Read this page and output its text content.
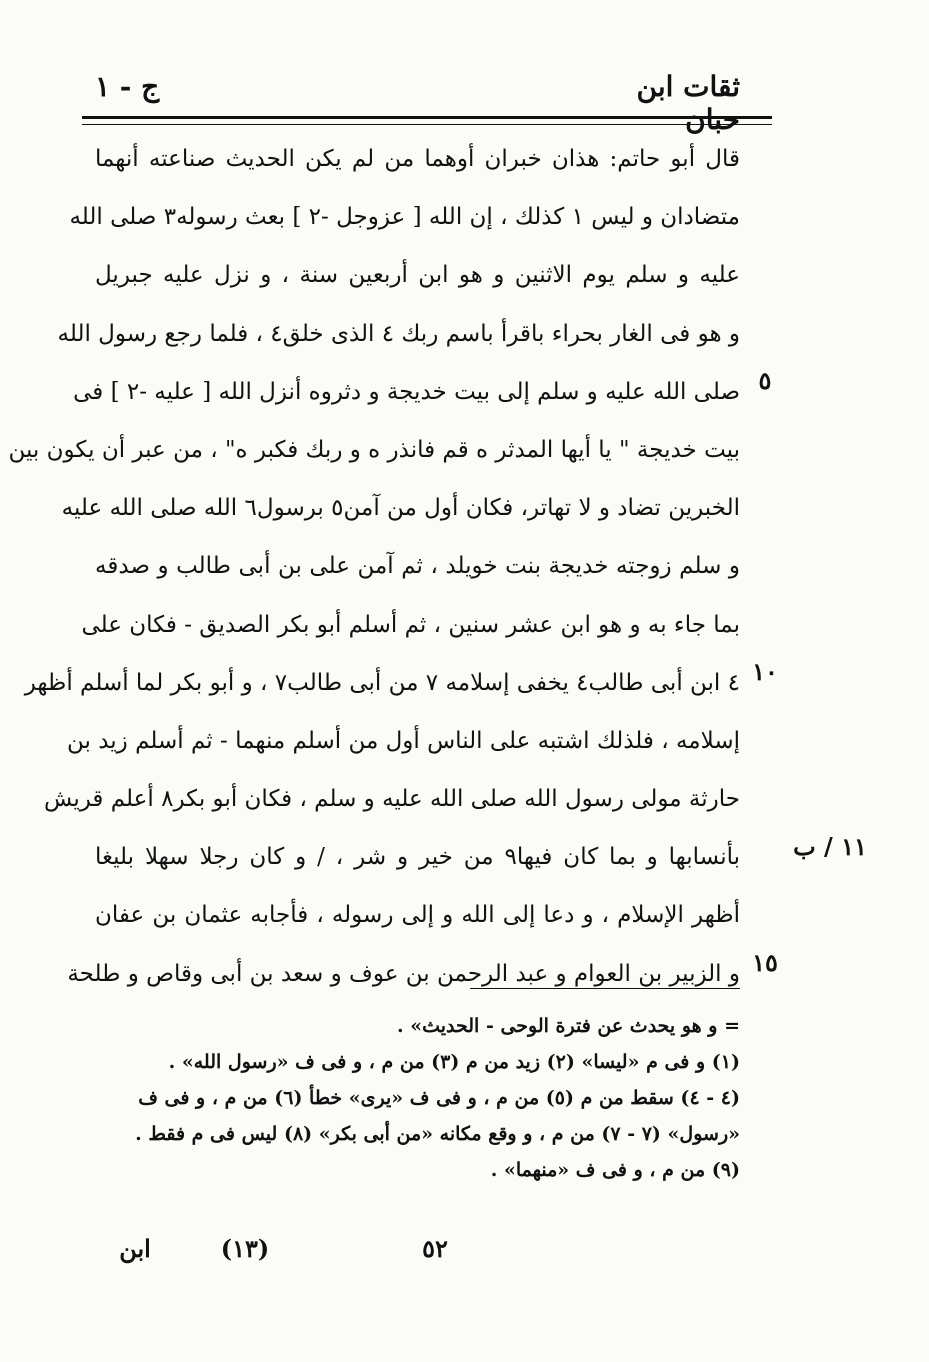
ثقات ابن حبان
ج - ١
قال أبو حاتم: هذان خبران أوهما من لم يكن الحديث صناعته أنهما
متضادان و ليس ١ كذلك ، إن الله [ عزوجل -٢ ] بعث رسوله٣ صلى الله
عليه و سلم يوم الاثنين و هو ابن أربعين سنة ، و نزل عليه جبريل
و هو فى الغار بحراء باقرأ باسم ربك ٤ الذى خلق٤ ، فلما رجع رسول الله
صلى الله عليه و سلم إلى بيت خديجة و دثروه أنزل الله [ عليه -٢ ] فى
بيت خديجة " يا أيها المدثر ه قم فانذر ه و ربك فكبر ه" ، من عبر أن يكون بين
الخبرين تضاد و لا تهاتر، فكان أول من آمن٥ برسول٦ الله صلى الله عليه
و سلم زوجته خديجة بنت خويلد ، ثم آمن على بن أبى طالب و صدقه
بما جاء به و هو ابن عشر سنين ، ثم أسلم أبو بكر الصديق - فكان على
٤ ابن أبى طالب٤ يخفى إسلامه ٧ من أبى طالب٧ ، و أبو بكر لما أسلم أظهر
إسلامه ، فلذلك اشتبه على الناس أول من أسلم منهما - ثم أسلم زيد بن
حارثة مولى رسول الله صلى الله عليه و سلم ، فكان أبو بكر٨ أعلم قريش
بأنسابها و بما كان فيها٩ من خير و شر ، / و كان رجلا سهلا بليغا
أظهر الإسلام ، و دعا إلى الله و إلى رسوله ، فأجابه عثمان بن عفان
و الزبير بن العوام و عبد الرحمن بن عوف و سعد بن أبى وقاص و طلحة
٥
١٠
١٥
١١ / ب
= و هو يحدث عن فترة الوحى - الحديث» .
(١) و فى م «ليسا» (٢) زيد من م (٣) من م ، و فى ف «رسول الله» .
(٤ - ٤) سقط من م (٥) من م ، و فى ف «يرى» خطأ (٦) من م ، و فى ف
«رسول» (٧ - ٧) من م ، و وقع مكانه «من أبى بكر» (٨) ليس فى م فقط .
(٩) من م ، و فى ف «منهما» .
٥٢
(١٣)
ابن
